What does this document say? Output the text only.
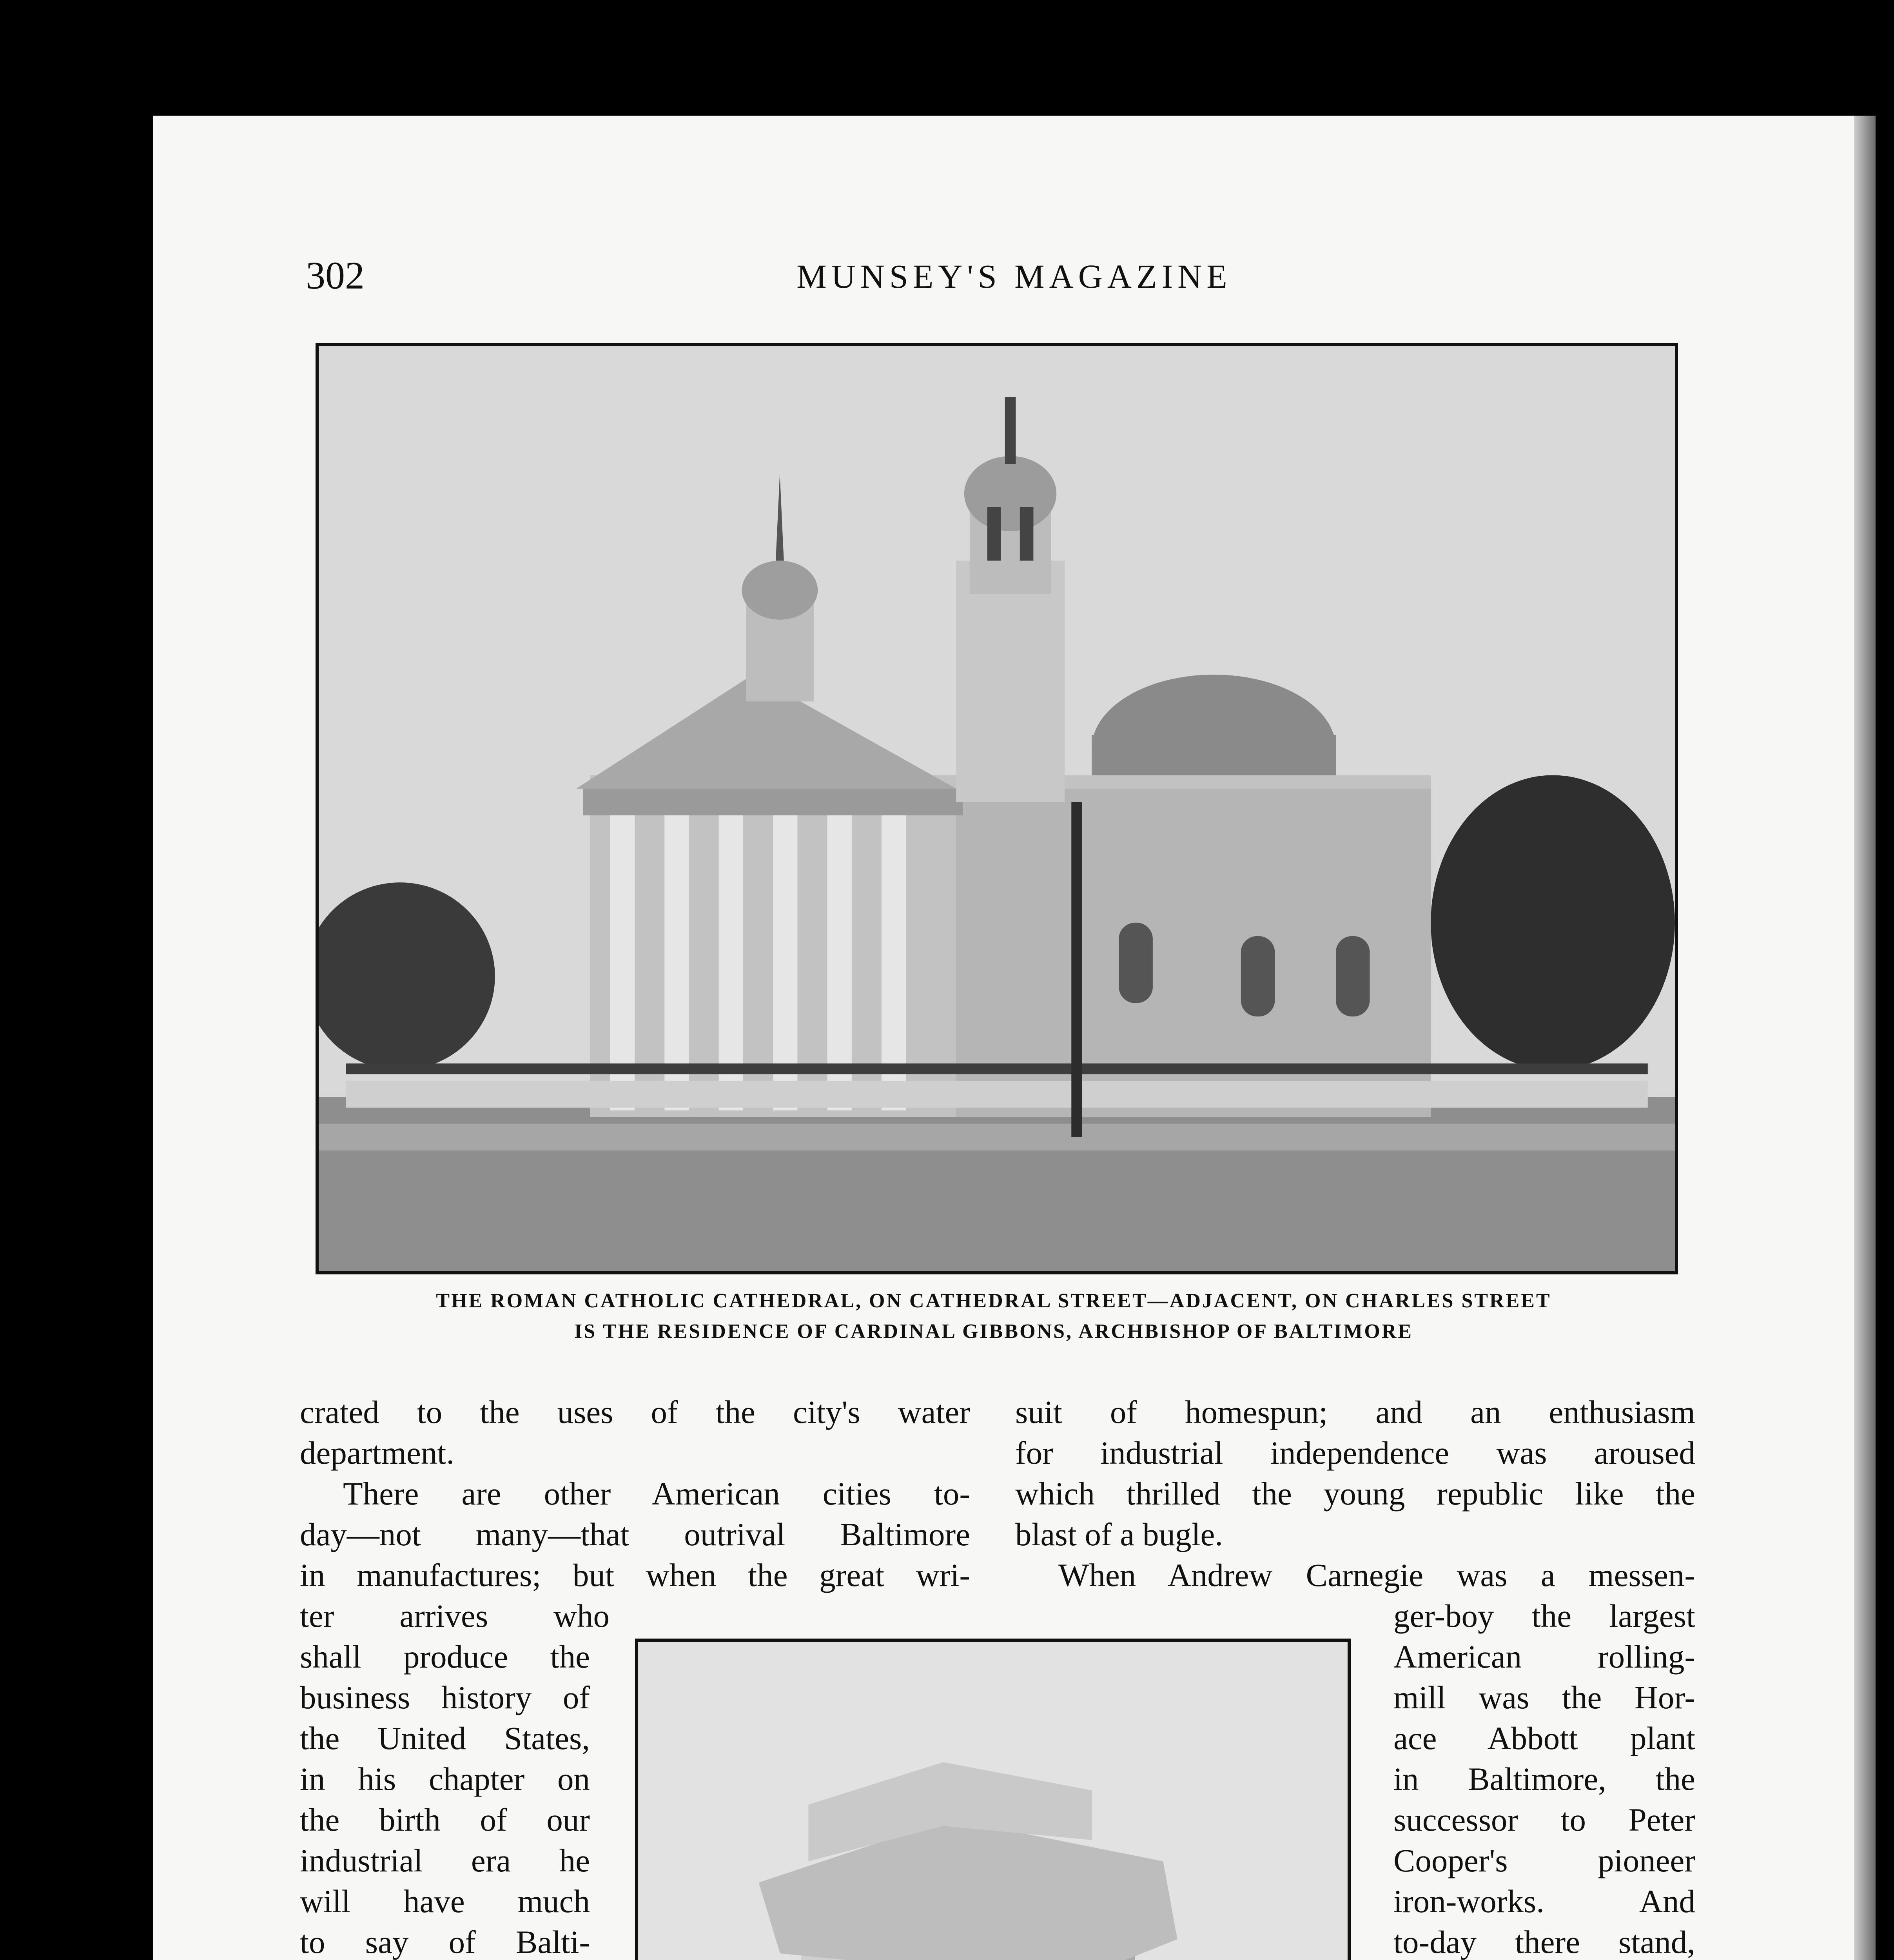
302	MUNSEY'S MAGAZINE
THE ROMAN CATHOLIC CATHEDRAL, ON CATHEDRAL STREET—ADJACENT, ON CHARLES STREET
IS THE RESIDENCE OF CARDINAL GIBBONS, ARCHBISHOP OF BALTIMORE
crated to the uses of the city's water
department.
There are other American cities to-
day—not many—that outrival Baltimore
in manufactures; but when the great wri-
ter arrives who
shall produce the
business history of
the United States,
in his chapter on
the birth of our
industrial era he
will have much
to say of Balti-
suit of homespun; and an enthusiasm
for industrial independence was aroused
which thrilled the young republic like the
blast of a bugle.
When Andrew Carnegie was a messen-
ger-boy the largest
American rolling-
mill was the Hor-
ace Abbott plant
in Baltimore, the
successor to Peter
Cooper's pioneer
iron-works. And
to-day there stand,
